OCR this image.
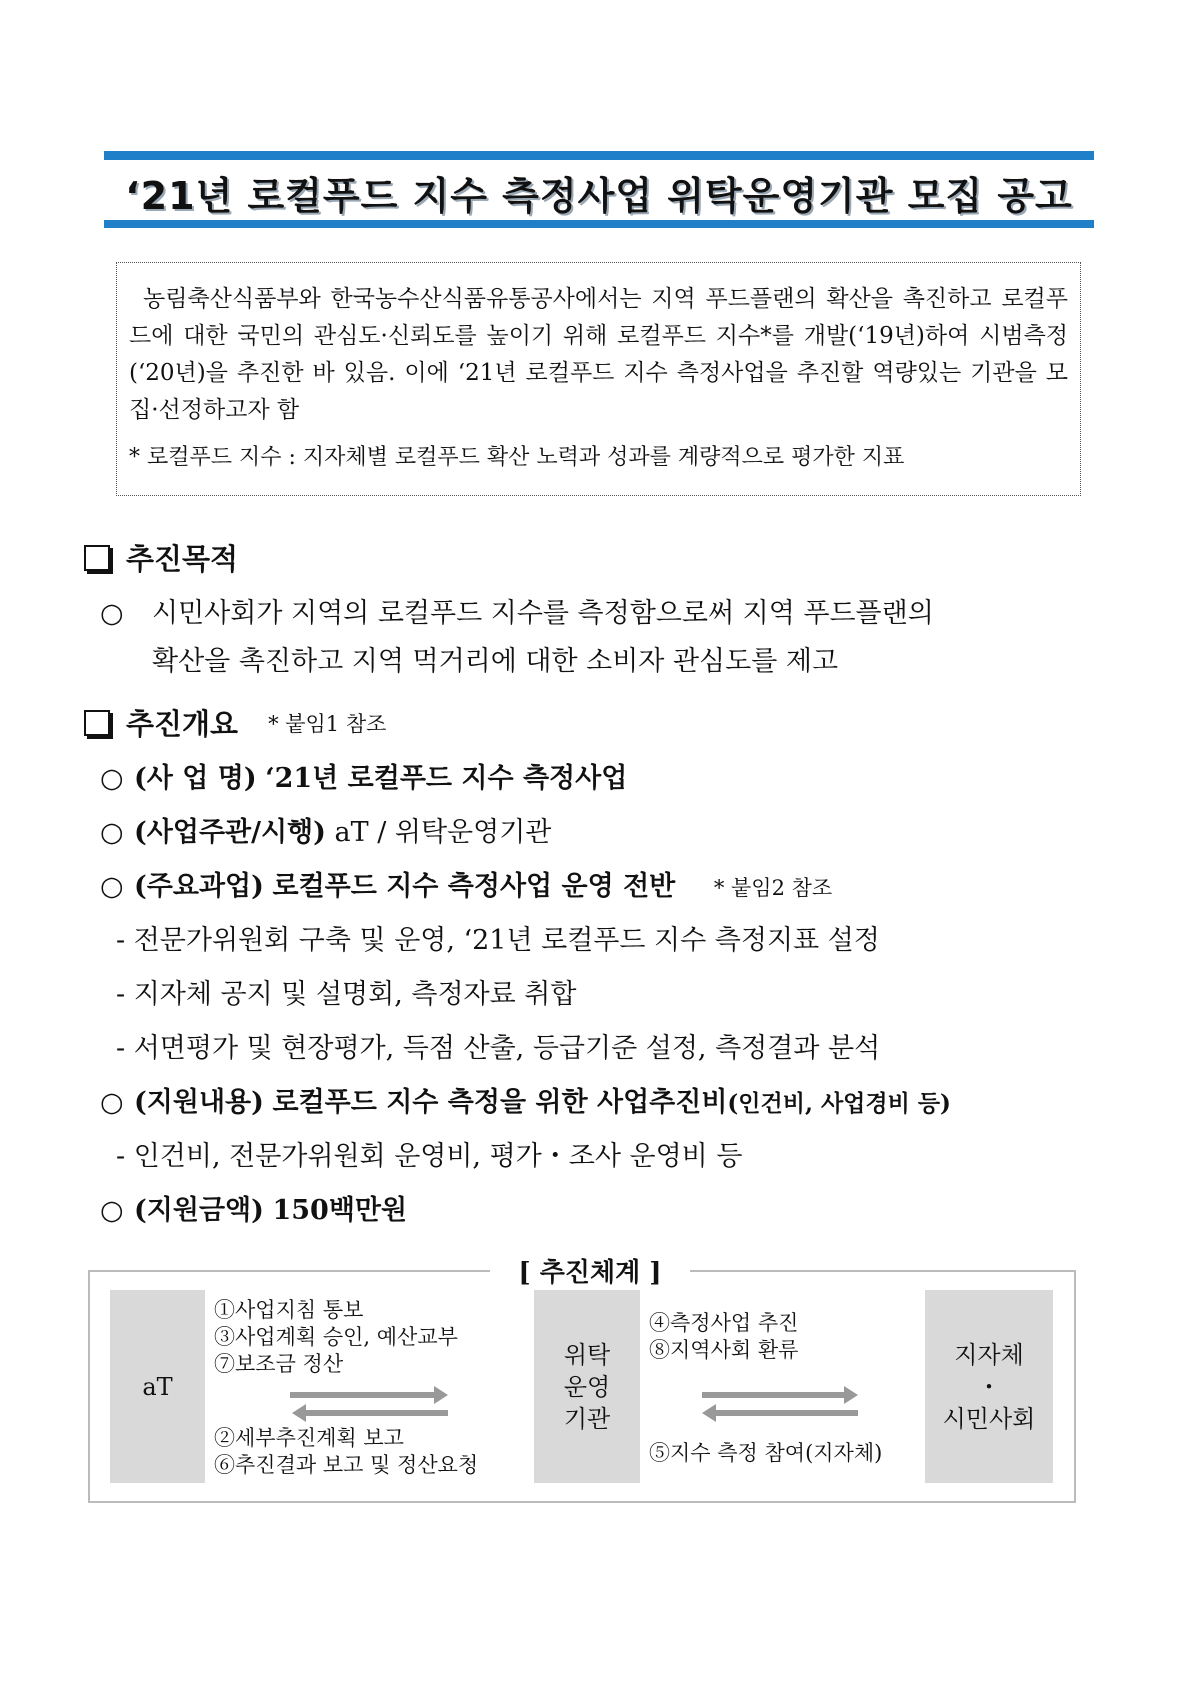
‘21년 로컬푸드 지수 측정사업 위탁운영기관 모집 공고

농림축산식품부와 한국농수산식품유통공사에서는 지역 푸드플랜의 확산을 촉진하고 로컬푸드에 대한 국민의 관심도·신뢰도를 높이기 위해 로컬푸드 지수*를 개발(‘19년)하여 시범측정(‘20년)을 추진한 바 있음. 이에 ‘21년 로컬푸드 지수 측정사업을 추진할 역량있는 기관을 모집·선정하고자 함

* 로컬푸드 지수 : 지자체별 로컬푸드 확산 노력과 성과를 계량적으로 평가한 지표

추진목적
○ 시민사회가 지역의 로컬푸드 지수를 측정함으로써 지역 푸드플랜의
확산을 촉진하고 지역 먹거리에 대한 소비자 관심도를 제고
추진개요 * 붙임1 참조
○ (사 업 명) ‘21년 로컬푸드 지수 측정사업
○ (사업주관/시행) aT / 위탁운영기관
○ (주요과업) 로컬푸드 지수 측정사업 운영 전반 * 붙임2 참조
- 전문가위원회 구축 및 운영, ‘21년 로컬푸드 지수 측정지표 설정
- 지자체 공지 및 설명회, 측정자료 취합
- 서면평가 및 현장평가, 득점 산출, 등급기준 설정, 측정결과 분석
○ (지원내용) 로컬푸드 지수 측정을 위한 사업추진비(인건비, 사업경비 등)
- 인건비, 전문가위원회 운영비, 평가・조사 운영비 등
○ (지원금액) 150백만원
[ 추진체계 ]
aT
위탁
운영
기관
지자체
・
시민사회
①사업지침 통보
③사업계획 승인, 예산교부
⑦보조금 정산
②세부추진계획 보고
⑥추진결과 보고 및 정산요청
④측정사업 추진
⑧지역사회 환류
⑤지수 측정 참여(지자체)
